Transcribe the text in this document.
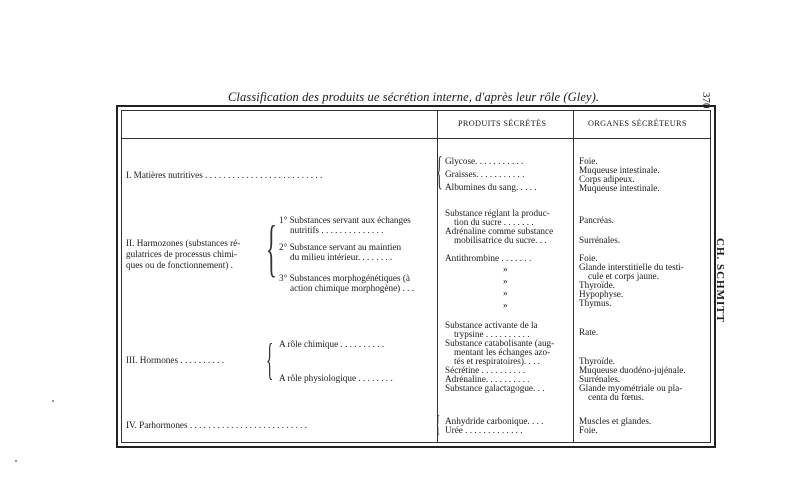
Classification des produits ue sécrétion interne, d'après leur rôle (Gley).	370
CH. SCHMITT
PRODUITS SÉCRÉTÉS	ORGANES SÉCRÉTEURS
I. Matières nutritives . . . . . . . . . . . . . . . . . . . . . . . . . .
II. Harmozones (substances ré-
gulatrices de processus chimi-
ques ou de fonctionnement) .
III. Hormones . . . . . . . . . .
IV. Parhormones . . . . . . . . . . . . . . . . . . . . . . . . . .
{
{
{
{
1° Substances servant aux échanges
nutritifs . . . . . . . . . . . . . .
2° Substance servant au maintien
du milieu intérieur. . . . . . . .
3° Substances morphogénétiques (à
action chimique morphogène) . . .
A rôle chimique . . . . . . . . . .
A rôle physiologique . . . . . . . .
Glycose. . . . . . . . . . .
Graisses. . . . . . . . . . .
Albumines du sang. . . . .
Substance réglant la produc-
tion du sucre . . . . . . .
Adrénaline comme substance
mobilisatrice du sucre. . .
Antithrombine . . . . . . .
»
»
»
»
Substance activante de la
trypsine . . . . . . . . . .
Substance catabolisante (aug-
mentant les échanges azo-
tés et respiratoires). . . .
Sécrétine . . . . . . . . . .
Adrénaline. . . . . . . . . .
Substance galactagogue. . .
Anhydride carbonique. . . .
Urée . . . . . . . . . . . . .
Foie.
Muqueuse intestinale.
Corps adipeux.
Muqueuse intestinale.
Pancréas.
Surrénales.
Foie.
Glande interstitielle du testi-
cule et corps jaune.
Thyroïde.
Hypophyse.
Thymus.
Rate.
Thyroïde.
Muqueuse duodéno-jujénale.
Surrénales.
Glande myométriale ou pla-
centa du fœtus.
Muscles et glandes.
Foie.
